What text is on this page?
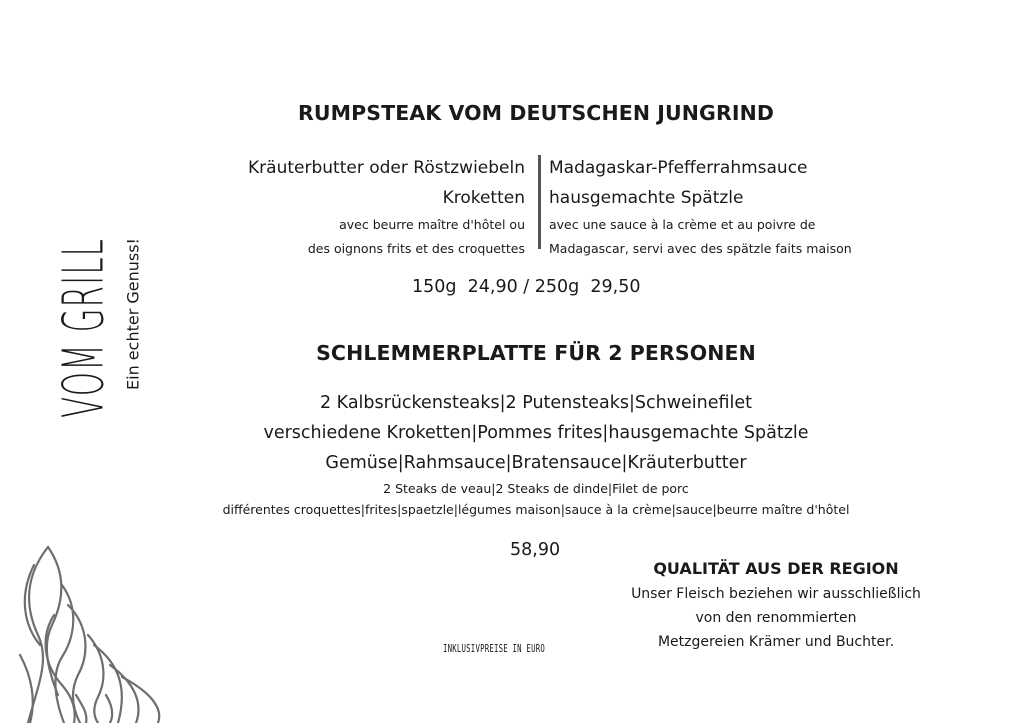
VOM GRILL Ein echter Genuss!
RUMPSTEAK VOM DEUTSCHEN JUNGRIND
Kräuterbutter oder Röstzwiebeln
Kroketten
avec beurre maître d'hôtel ou
des oignons frits et des croquettes
Madagaskar-Pfefferrahmsauce
hausgemachte Spätzle
avec une sauce à la crème et au poivre de
Madagascar, servi avec des spätzle faits maison
150g  24,90 / 250g  29,50
SCHLEMMERPLATTE FÜR 2 PERSONEN
2 Kalbsrückensteaks|2 Putensteaks|Schweinefilet
verschiedene Kroketten|Pommes frites|hausgemachte Spätzle
Gemüse|Rahmsauce|Bratensauce|Kräuterbutter
2 Steaks de veau|2 Steaks de dinde|Filet de porc
différentes croquettes|frites|spaetzle|légumes maison|sauce à la crème|sauce|beurre maître d'hôtel
58,90
QUALITÄT AUS DER REGION
Unser Fleisch beziehen wir ausschließlich
von den renommierten
Metzgereien Krämer und Buchter.
INKLUSIVPREISE IN EURO
